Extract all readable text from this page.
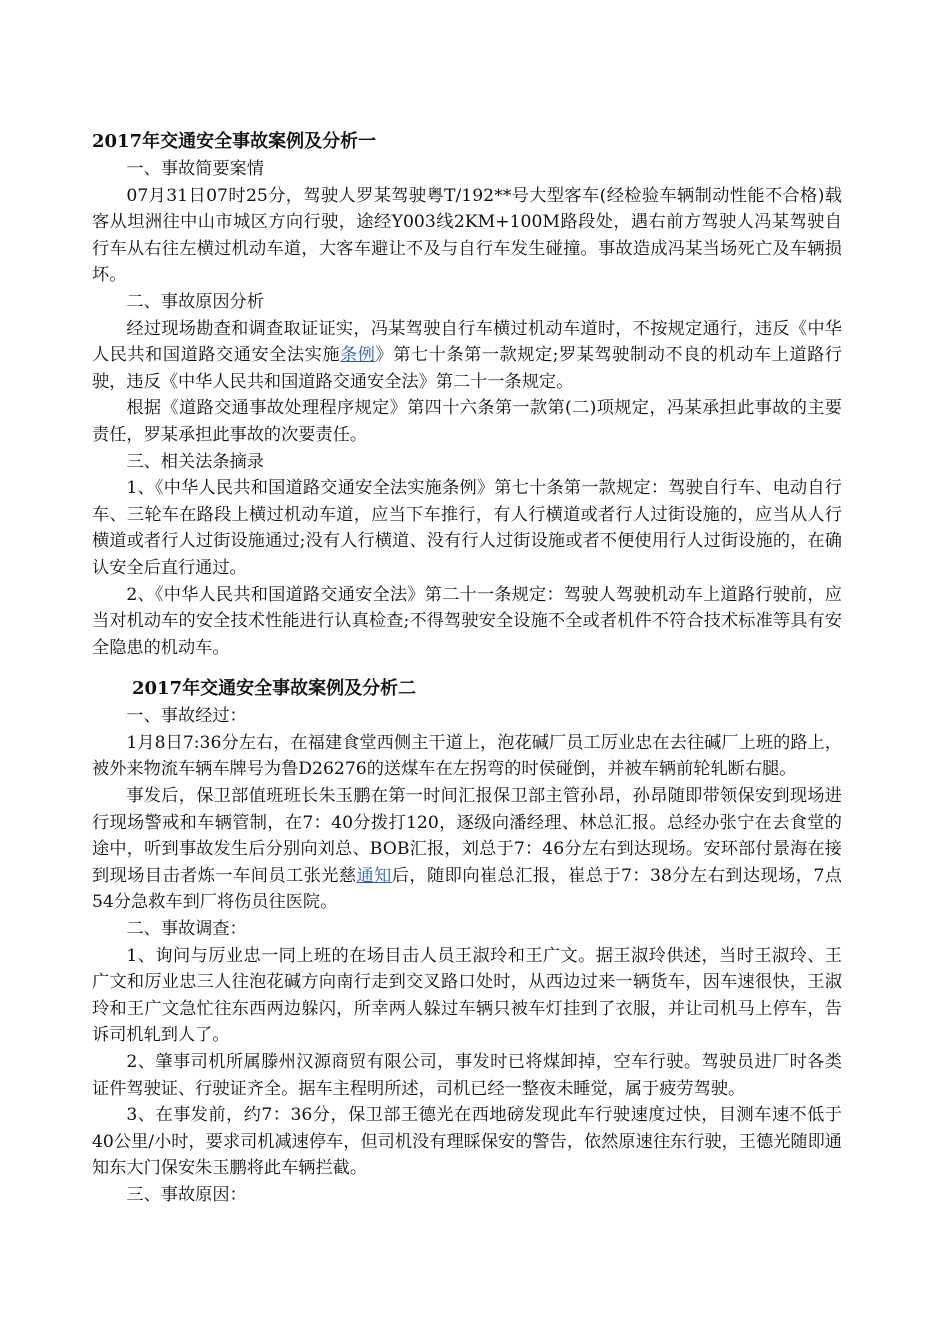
2017年交通安全事故案例及分析一

一、事故简要案情

07月31日07时25分，驾驶人罗某驾驶粤T/192**号大型客车(经检验车辆制动性能不合格)载客从坦洲往中山市城区方向行驶，途经Y003线2KM+100M路段处，遇右前方驾驶人冯某驾驶自行车从右往左横过机动车道，大客车避让不及与自行车发生碰撞。事故造成冯某当场死亡及车辆损坏。

二、事故原因分析

经过现场勘查和调查取证证实，冯某驾驶自行车横过机动车道时，不按规定通行，违反《中华人民共和国道路交通安全法实施条例》第七十条第一款规定;罗某驾驶制动不良的机动车上道路行驶，违反《中华人民共和国道路交通安全法》第二十一条规定。

根据《道路交通事故处理程序规定》第四十六条第一款第(二)项规定，冯某承担此事故的主要责任，罗某承担此事故的次要责任。

三、相关法条摘录

1、《中华人民共和国道路交通安全法实施条例》第七十条第一款规定：驾驶自行车、电动自行车、三轮车在路段上横过机动车道，应当下车推行，有人行横道或者行人过街设施的，应当从人行横道或者行人过街设施通过;没有人行横道、没有行人过街设施或者不便使用行人过街设施的，在确认安全后直行通过。

2、《中华人民共和国道路交通安全法》第二十一条规定：驾驶人驾驶机动车上道路行驶前，应当对机动车的安全技术性能进行认真检查;不得驾驶安全设施不全或者机件不符合技术标准等具有安全隐患的机动车。

2017年交通安全事故案例及分析二

一、事故经过：

1月8日7:36分左右，在福建食堂西侧主干道上，泡花碱厂员工厉业忠在去往碱厂上班的路上，被外来物流车辆车牌号为鲁D26276的送煤车在左拐弯的时侯碰倒，并被车辆前轮轧断右腿。

事发后，保卫部值班班长朱玉鹏在第一时间汇报保卫部主管孙昂，孙昂随即带领保安到现场进行现场警戒和车辆管制，在7：40分拨打120，逐级向潘经理、林总汇报。总经办张宁在去食堂的途中，听到事故发生后分别向刘总、BOB汇报，刘总于7：46分左右到达现场。安环部付景海在接到现场目击者炼一车间员工张光慈通知后，随即向崔总汇报，崔总于7：38分左右到达现场，7点54分急救车到厂将伤员往医院。

二、事故调查：

1、询问与厉业忠一同上班的在场目击人员王淑玲和王广文。据王淑玲供述，当时王淑玲、王广文和厉业忠三人往泡花碱方向南行走到交叉路口处时，从西边过来一辆货车，因车速很快，王淑玲和王广文急忙往东西两边躲闪，所幸两人躲过车辆只被车灯挂到了衣服，并让司机马上停车，告诉司机轧到人了。

2、肇事司机所属滕州汉源商贸有限公司，事发时已将煤卸掉，空车行驶。驾驶员进厂时各类证件驾驶证、行驶证齐全。据车主程明所述，司机已经一整夜未睡觉，属于疲劳驾驶。

3、在事发前，约7：36分，保卫部王德光在西地磅发现此车行驶速度过快，目测车速不低于40公里/小时，要求司机减速停车，但司机没有理睬保安的警告，依然原速往东行驶，王德光随即通知东大门保安朱玉鹏将此车辆拦截。

三、事故原因：
